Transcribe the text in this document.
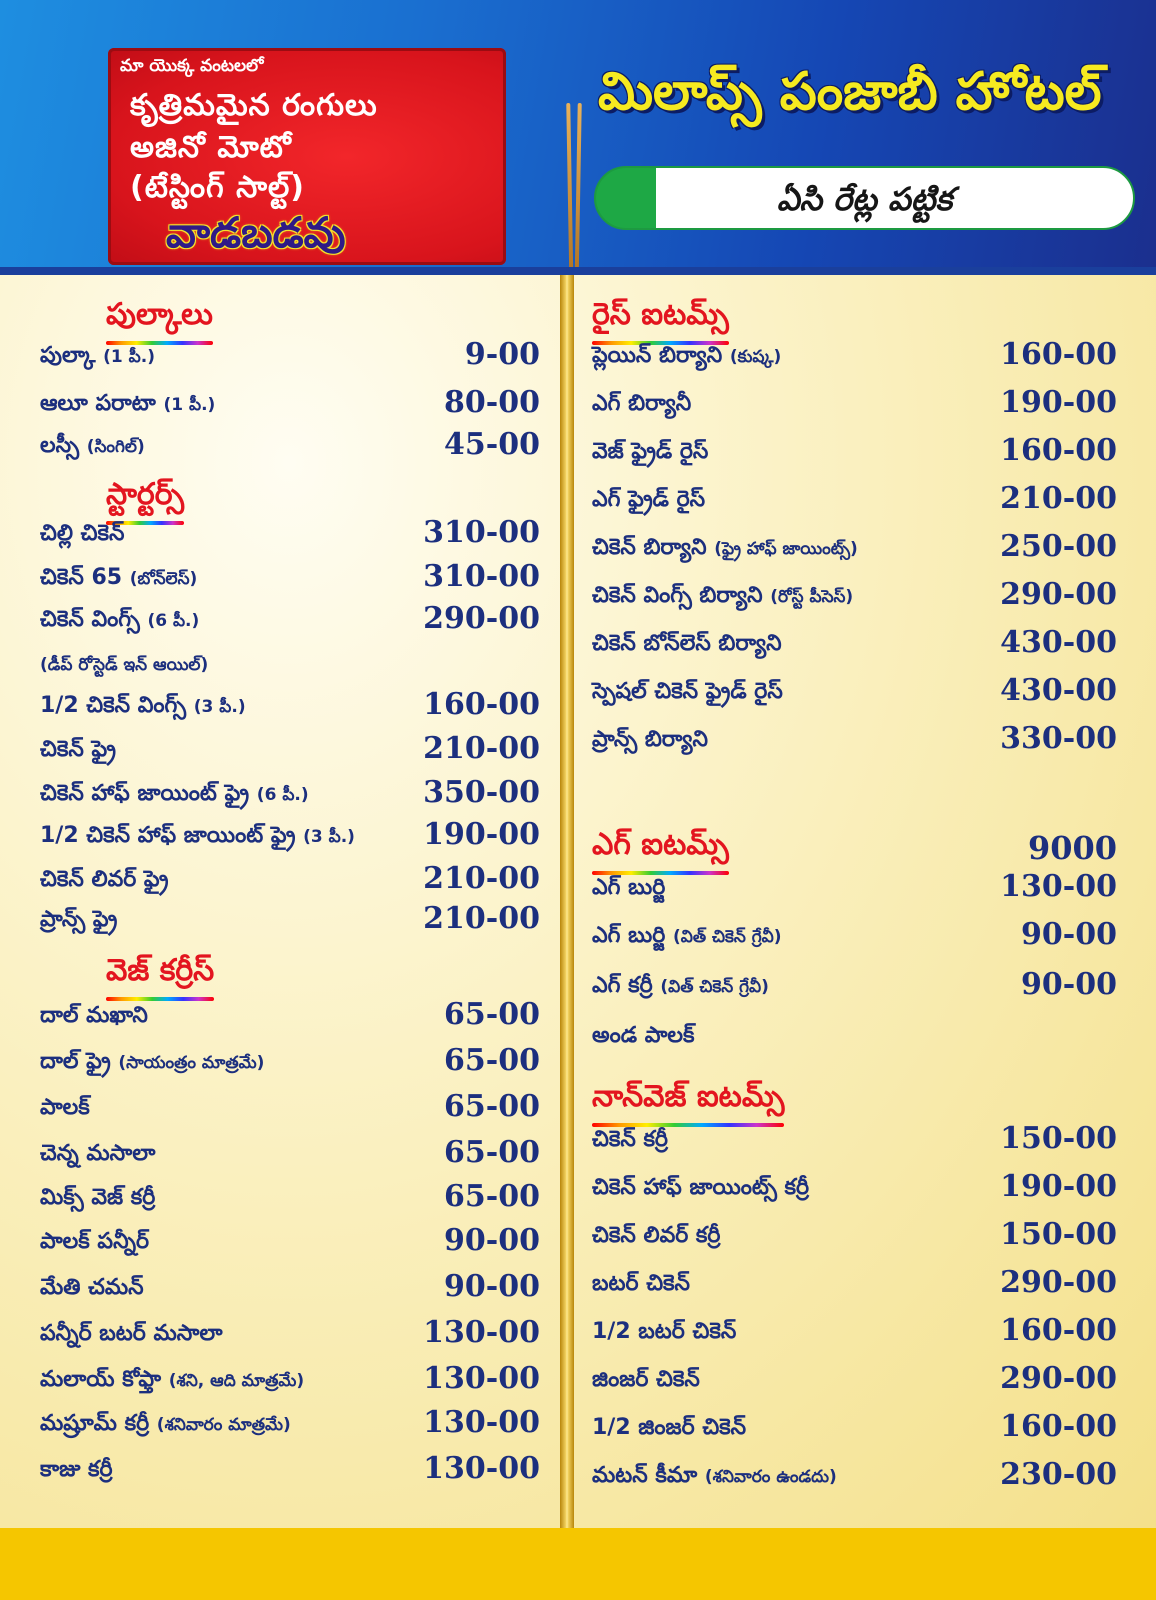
మా యొక్క వంటలలో
కృత్రిమమైన రంగులు
అజినో మోటో
(టేస్టింగ్ సాల్ట్)
వాడబడవు
మిలాప్స్ పంజాబీ హోటల్
ఏసి రేట్ల పట్టిక
పుల్కాలు
పుల్కా (1 పీ.)	9-00
ఆలూ పరాటా (1 పీ.)	80-00
లస్సీ (సింగిల్)	45-00
స్టార్టర్స్
చిల్లి చికెన్	310-00
చికెన్ 65 (బోన్‌లెస్)	310-00
చికెన్ వింగ్స్ (6 పీ.)	290-00
(డీప్ రోస్టెడ్ ఇన్ ఆయిల్)
1/2 చికెన్ వింగ్స్ (3 పీ.)	160-00
చికెన్ ఫ్రై	210-00
చికెన్ హాఫ్ జాయింట్ ఫ్రై (6 పీ.)	350-00
1/2 చికెన్ హాఫ్ జాయింట్ ఫ్రై (3 పీ.) 190-00
చికెన్ లివర్ ఫ్రై	210-00
ప్రాన్స్ ఫ్రై	210-00
వెజ్ కర్రీస్
దాల్ మఖాని	65-00
దాల్ ఫ్రై (సాయంత్రం మాత్రమే)	65-00
పాలక్	65-00
చెన్న మసాలా	65-00
మిక్స్ వెజ్ కర్రీ	65-00
పాలక్ పన్నీర్	90-00
మేతి చమన్	90-00
పన్నీర్ బటర్ మసాలా	130-00
మలాయ్ కోఫ్తా (శని, ఆది మాత్రమే)	130-00
మష్రూమ్ కర్రీ (శనివారం మాత్రమే)	130-00
కాజు కర్రీ	130-00
రైస్ ఐటమ్స్
ప్లెయిన్ బిర్యాని (కుష్క)	160-00
ఎగ్ బిర్యానీ	190-00
వెజ్ ఫ్రైడ్ రైస్	160-00
ఎగ్ ఫ్రైడ్ రైస్	210-00
చికెన్ బిర్యాని (ఫ్రై హాఫ్ జాయింట్స్)	250-00
చికెన్ వింగ్స్ బిర్యాని (రోస్ట్ పీసెస్)	290-00
చికెన్ బోన్‌లెస్ బిర్యాని	430-00
స్పెషల్ చికెన్ ఫ్రైడ్ రైస్	430-00
ప్రాన్స్ బిర్యాని	330-00
ఎగ్ ఐటమ్స్	9000
ఎగ్ బుర్జి	130-00
ఎగ్ బుర్జి (విత్ చికెన్ గ్రేవీ)	90-00
ఎగ్ కర్రీ (విత్ చికెన్ గ్రేవీ)	90-00
అండ పాలక్
నాన్‌వెజ్ ఐటమ్స్
చికెన్ కర్రీ	150-00
చికెన్ హాఫ్ జాయింట్స్ కర్రీ	190-00
చికెన్ లివర్ కర్రీ	150-00
బటర్ చికెన్	290-00
1/2 బటర్ చికెన్	160-00
జింజర్ చికెన్	290-00
1/2 జింజర్ చికెన్	160-00
మటన్ కీమా (శనివారం ఉండదు)	230-00
